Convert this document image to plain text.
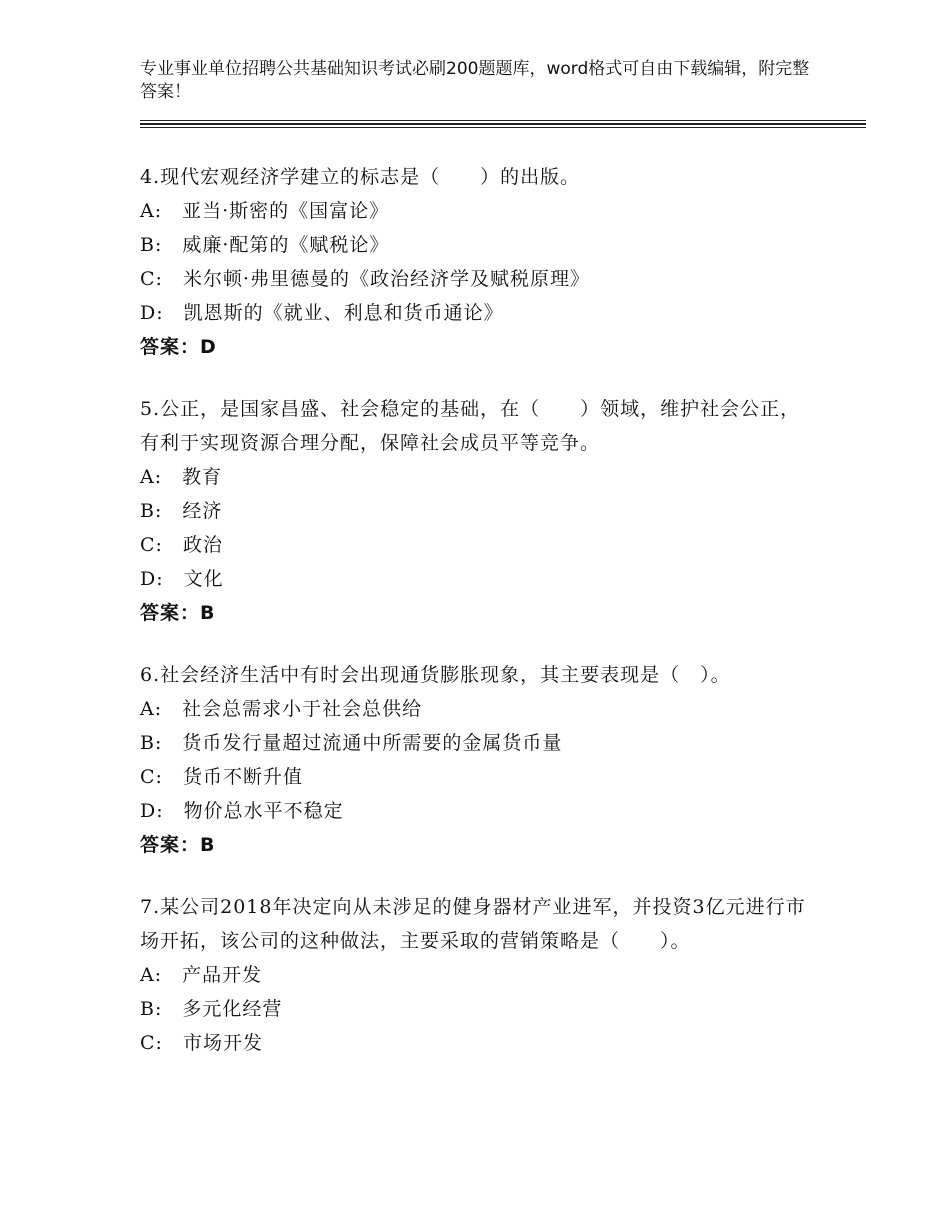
专业事业单位招聘公共基础知识考试必刷200题题库，word格式可自由下载编辑，附完整答案！
4.现代宏观经济学建立的标志是（　　）的出版。
A:　亚当·斯密的《国富论》
B:　威廉·配第的《赋税论》
C:　米尔顿·弗里德曼的《政治经济学及赋税原理》
D:　凯恩斯的《就业、利息和货币通论》
答案：D
5.公正，是国家昌盛、社会稳定的基础，在（　　）领域，维护社会公正，有利于实现资源合理分配，保障社会成员平等竞争。
A:　教育
B:　经济
C:　政治
D:　文化
答案：B
6.社会经济生活中有时会出现通货膨胀现象，其主要表现是（　）。
A:　社会总需求小于社会总供给
B:　货币发行量超过流通中所需要的金属货币量
C:　货币不断升值
D:　物价总水平不稳定
答案：B
7.某公司2018年决定向从未涉足的健身器材产业进军，并投资3亿元进行市场开拓，该公司的这种做法，主要采取的营销策略是（　　）。
A:　产品开发
B:　多元化经营
C:　市场开发
